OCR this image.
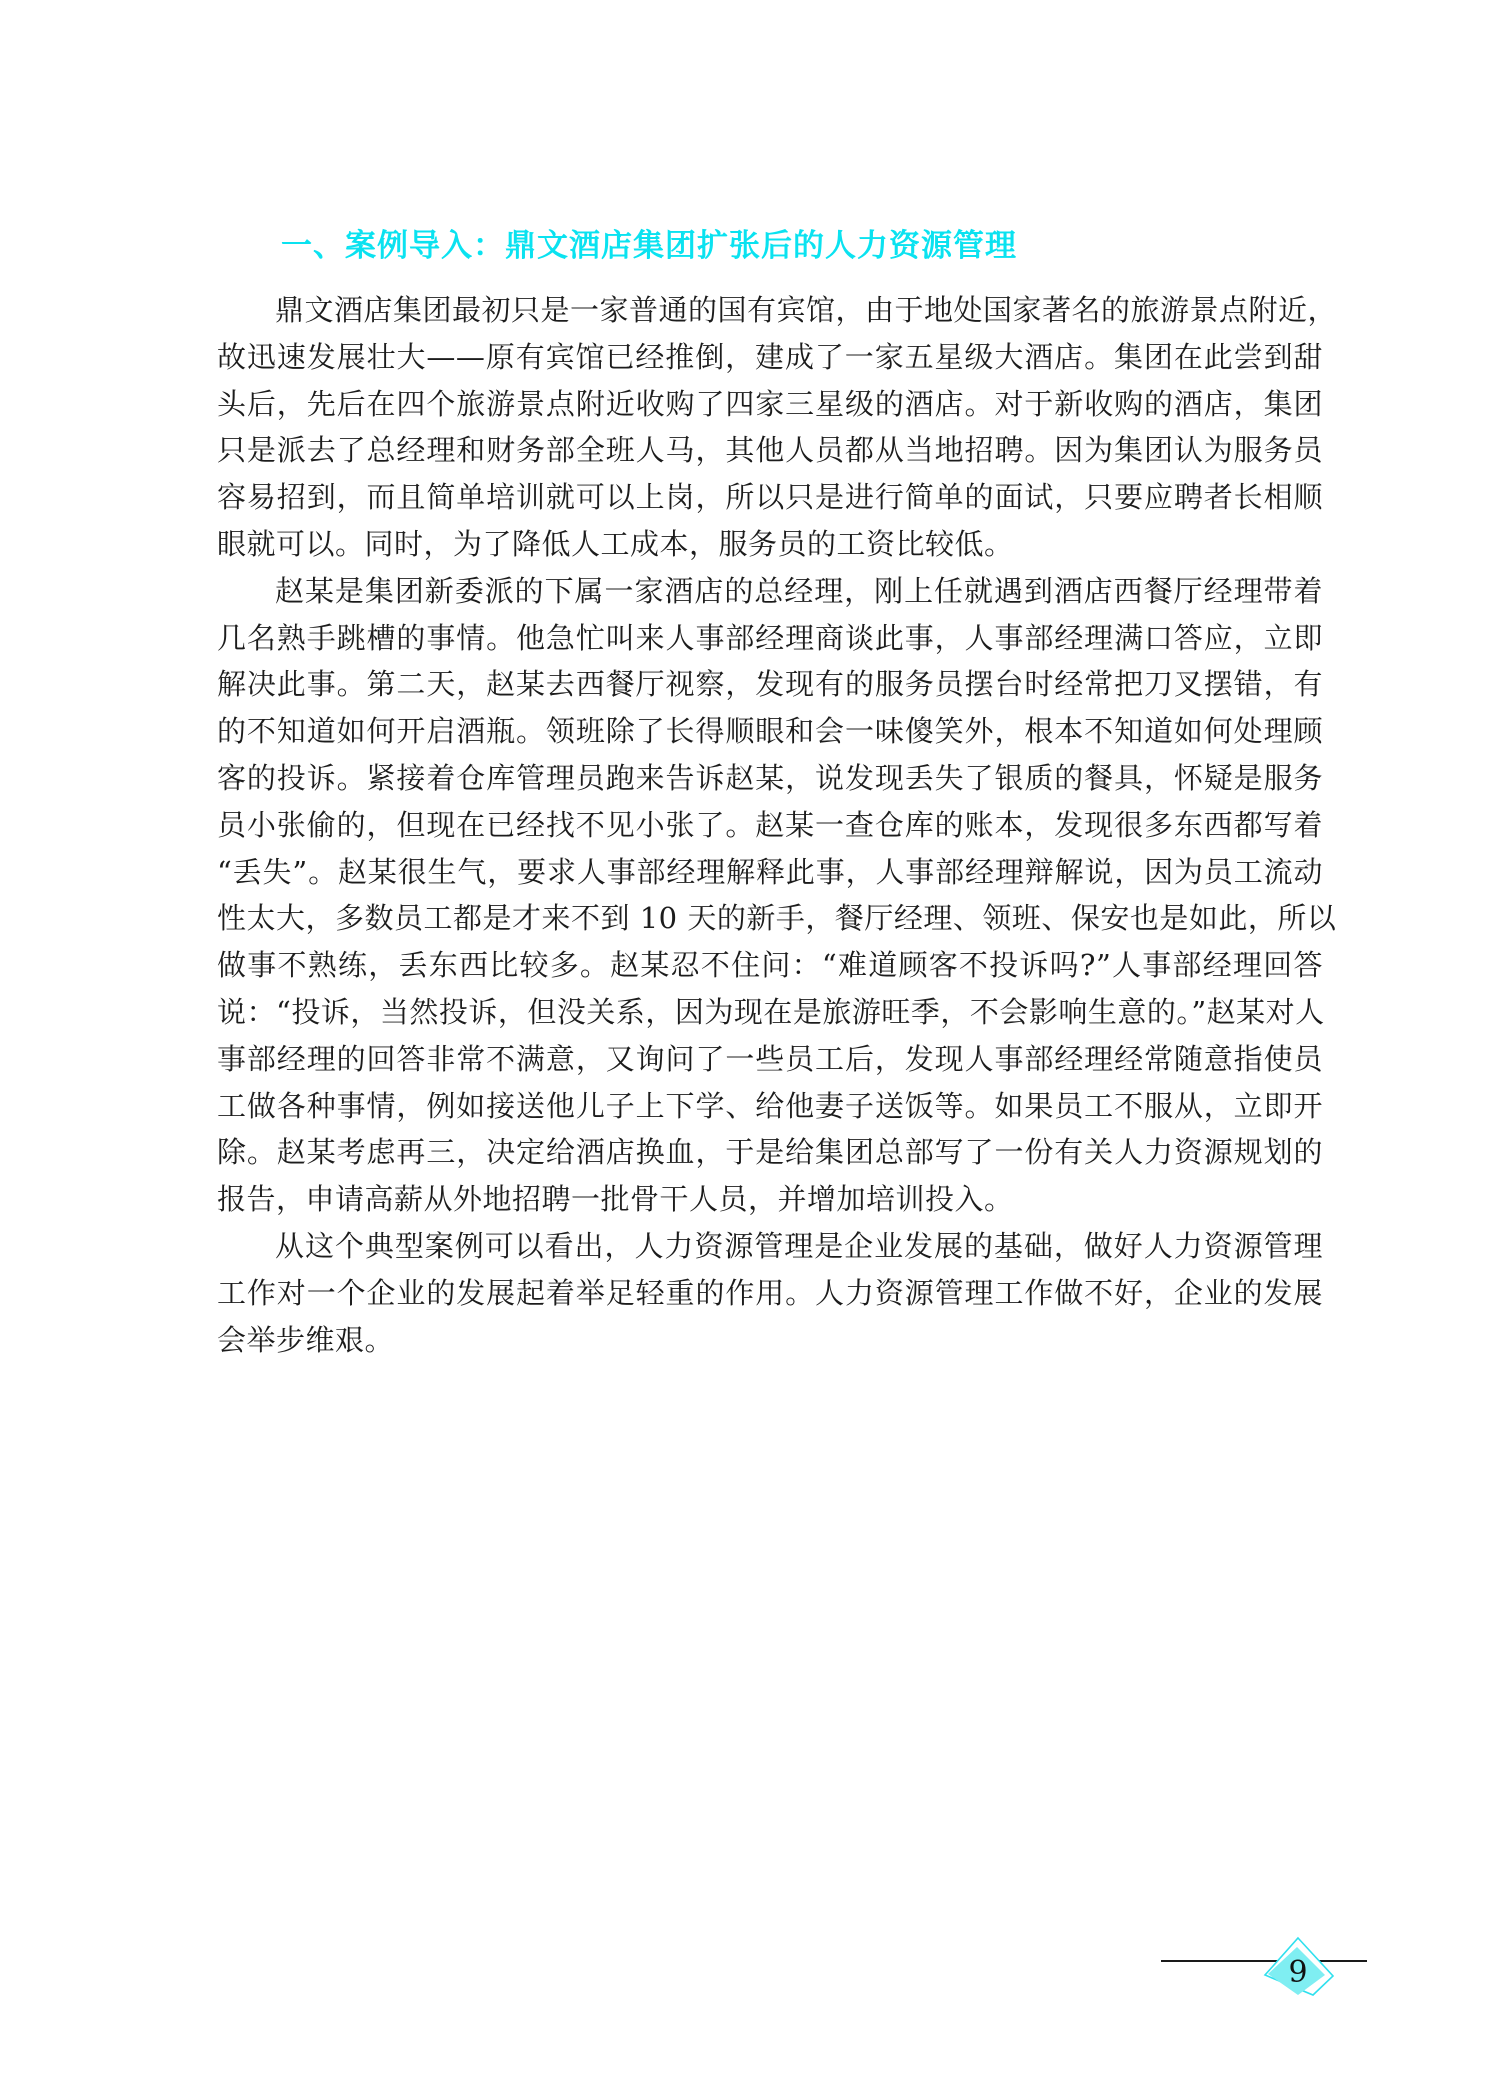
一、案例导入：鼎文酒店集团扩张后的人力资源管理
鼎文酒店集团最初只是一家普通的国有宾馆，由于地处国家著名的旅游景点附近，
故迅速发展壮大——原有宾馆已经推倒，建成了一家五星级大酒店。集团在此尝到甜
头后，先后在四个旅游景点附近收购了四家三星级的酒店。对于新收购的酒店，集团
只是派去了总经理和财务部全班人马，其他人员都从当地招聘。因为集团认为服务员
容易招到，而且简单培训就可以上岗，所以只是进行简单的面试，只要应聘者长相顺
眼就可以。同时，为了降低人工成本，服务员的工资比较低。
赵某是集团新委派的下属一家酒店的总经理，刚上任就遇到酒店西餐厅经理带着
几名熟手跳槽的事情。他急忙叫来人事部经理商谈此事，人事部经理满口答应，立即
解决此事。第二天，赵某去西餐厅视察，发现有的服务员摆台时经常把刀叉摆错，有
的不知道如何开启酒瓶。领班除了长得顺眼和会一味傻笑外，根本不知道如何处理顾
客的投诉。紧接着仓库管理员跑来告诉赵某，说发现丢失了银质的餐具，怀疑是服务
员小张偷的，但现在已经找不见小张了。赵某一查仓库的账本，发现很多东西都写着
“丢失”。赵某很生气，要求人事部经理解释此事，人事部经理辩解说，因为员工流动
性太大，多数员工都是才来不到 10 天的新手，餐厅经理、领班、保安也是如此，所以
做事不熟练，丢东西比较多。赵某忍不住问：“难道顾客不投诉吗?”人事部经理回答
说：“投诉，当然投诉，但没关系，因为现在是旅游旺季，不会影响生意的。”赵某对人
事部经理的回答非常不满意，又询问了一些员工后，发现人事部经理经常随意指使员
工做各种事情，例如接送他儿子上下学、给他妻子送饭等。如果员工不服从，立即开
除。赵某考虑再三，决定给酒店换血，于是给集团总部写了一份有关人力资源规划的
报告，申请高薪从外地招聘一批骨干人员，并增加培训投入。
从这个典型案例可以看出，人力资源管理是企业发展的基础，做好人力资源管理
工作对一个企业的发展起着举足轻重的作用。人力资源管理工作做不好，企业的发展
会举步维艰。
9
